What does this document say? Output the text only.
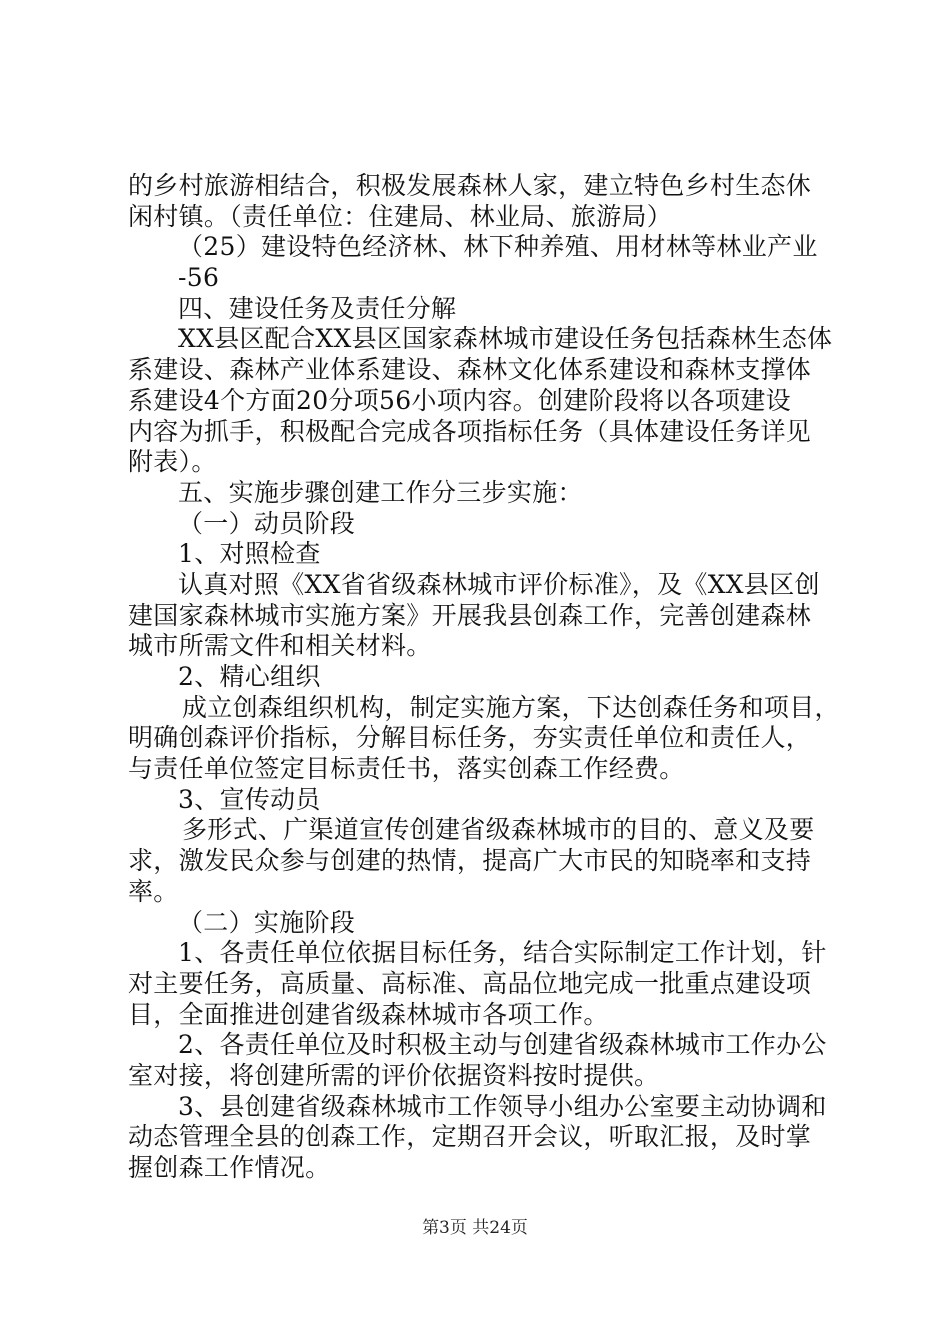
的乡村旅游相结合，积极发展森林人家，建立特色乡村生态休
闲村镇。（责任单位：住建局、林业局、旅游局）
（25）建设特色经济林、林下种养殖、用材林等林业产业
-56
四、建设任务及责任分解
XX县区配合XX县区国家森林城市建设任务包括森林生态体
系建设、森林产业体系建设、森林文化体系建设和森林支撑体
系建设4个方面20分项56小项内容。创建阶段将以各项建设
内容为抓手，积极配合完成各项指标任务（具体建设任务详见
附表）。
五、实施步骤创建工作分三步实施：
（一）动员阶段
1、对照检查
认真对照《XX省省级森林城市评价标准》，及《XX县区创
建国家森林城市实施方案》开展我县创森工作，完善创建森林
城市所需文件和相关材料。
2、精心组织
成立创森组织机构，制定实施方案，下达创森任务和项目，
明确创森评价指标，分解目标任务，夯实责任单位和责任人，
与责任单位签定目标责任书，落实创森工作经费。
3、宣传动员
多形式、广渠道宣传创建省级森林城市的目的、意义及要
求，激发民众参与创建的热情，提高广大市民的知晓率和支持
率。
（二）实施阶段
1、各责任单位依据目标任务，结合实际制定工作计划，针
对主要任务，高质量、高标准、高品位地完成一批重点建设项
目，全面推进创建省级森林城市各项工作。
2、各责任单位及时积极主动与创建省级森林城市工作办公
室对接，将创建所需的评价依据资料按时提供。
3、县创建省级森林城市工作领导小组办公室要主动协调和
动态管理全县的创森工作，定期召开会议，听取汇报，及时掌
握创森工作情况。
第3页 共24页
